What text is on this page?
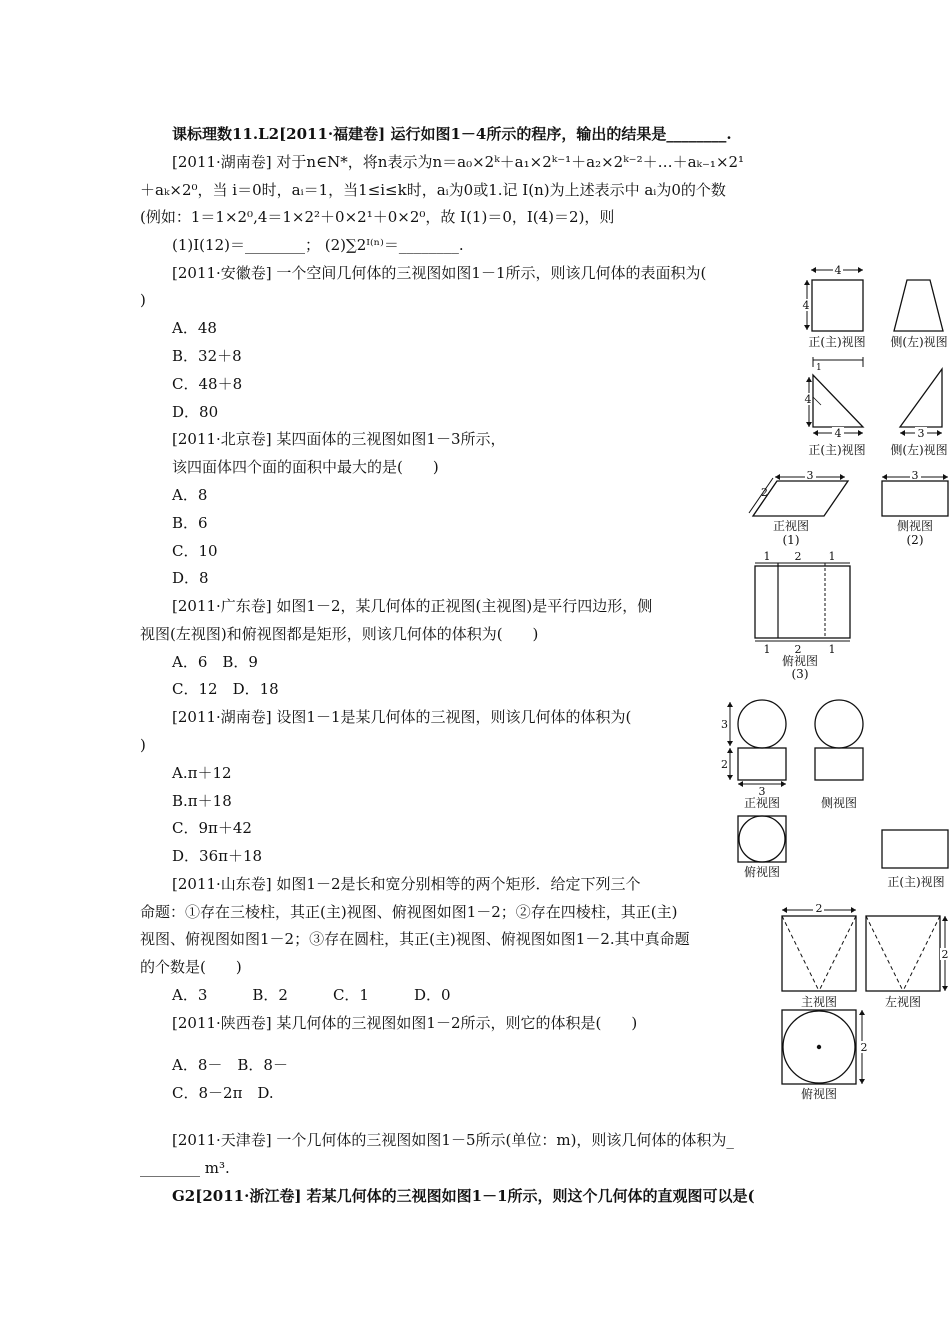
课标理数11.L2[2011·福建卷] 运行如图1－4所示的程序，输出的结果是________.
[2011·湖南卷] 对于n∈N*，将n表示为n＝a₀×2ᵏ＋a₁×2ᵏ⁻¹＋a₂×2ᵏ⁻²＋…＋aₖ₋₁×2¹
＋aₖ×2⁰，当 i＝0时，aᵢ＝1，当1≤i≤k时，aᵢ为0或1.记 I(n)为上述表示中 aᵢ为0的个数
(例如：1＝1×2⁰,4＝1×2²＋0×2¹＋0×2⁰，故 I(1)＝0，I(4)＝2)，则
(1)I(12)＝________； (2)∑2ᴵ⁽ⁿ⁾＝________.
[2011·安徽卷] 一个空间几何体的三视图如图1－1所示，则该几何体的表面积为(
)
A．48
B．32＋8
C．48＋8
D．80
[2011·北京卷] 某四面体的三视图如图1－3所示，
该四面体四个面的面积中最大的是(　　)
A．8
B．6
C．10
D．8
[2011·广东卷] 如图1－2，某几何体的正视图(主视图)是平行四边形，侧
视图(左视图)和俯视图都是矩形，则该几何体的体积为(　　)
A．6　B．9
C．12　D．18
[2011·湖南卷] 设图1－1是某几何体的三视图，则该几何体的体积为(
)
A.π＋12
B.π＋18
C．9π＋42
D．36π＋18
[2011·山东卷] 如图1－2是长和宽分别相等的两个矩形．给定下列三个
命题：①存在三棱柱，其正(主)视图、俯视图如图1－2；②存在四棱柱，其正(主)
视图、俯视图如图1－2；③存在圆柱，其正(主)视图、俯视图如图1－2.其中真命题
的个数是(　　)
A．3　　　B．2　　　C．1　　　D．0
[2011·陕西卷] 某几何体的三视图如图1－2所示，则它的体积是(　　)
A．8－　B．8－
C．8－2π　D.
[2011·天津卷] 一个几何体的三视图如图1－5所示(单位：m)，则该几何体的体积为_
________ m³.
G2[2011·浙江卷] 若某几何体的三视图如图1－1所示，则这个几何体的直观图可以是(
4
4
正(主)视图 侧(左)视图
1
4
4	3
正(主)视图 侧(左)视图
3
2
正视图
(1)
3
侧视图
(2)
1 2 1
1 2 1
俯视图
(3)
3
2
3
正视图	侧视图
俯视图
正(主)视图
2
主视图
2
左视图
2
俯视图
